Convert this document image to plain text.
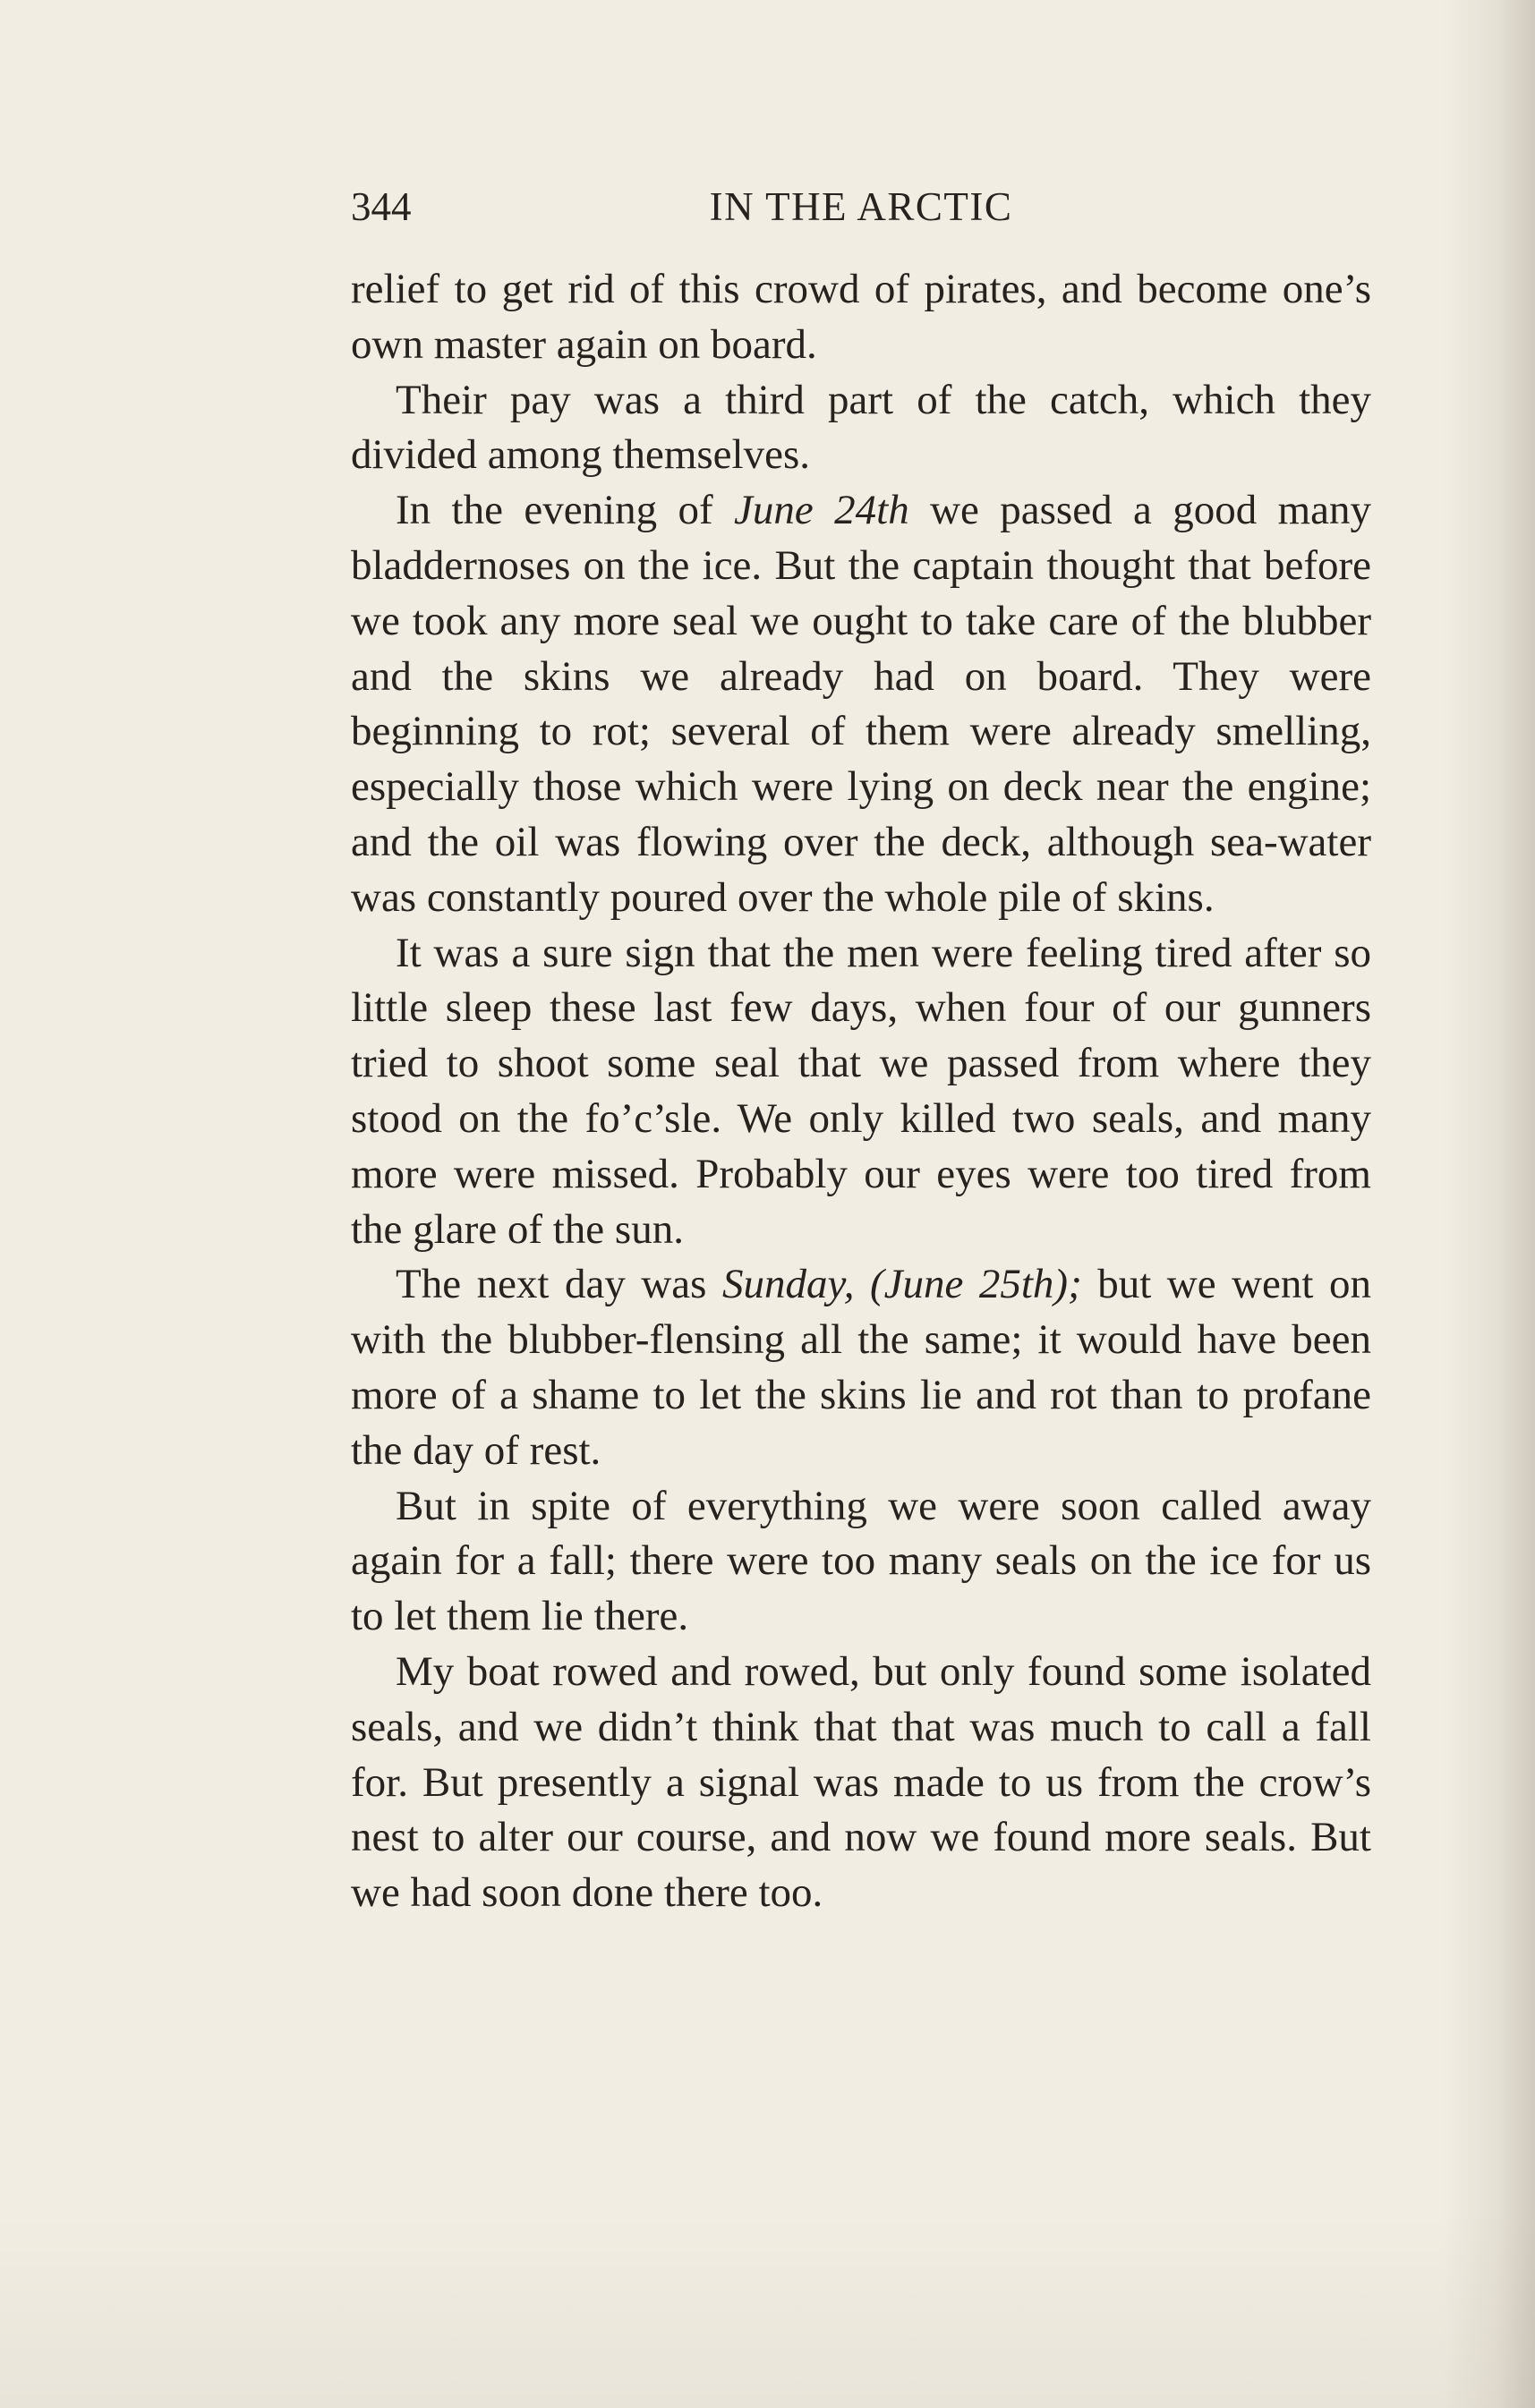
344	IN THE ARCTIC

relief to get rid of this crowd of pirates, and become one’s own master again on board.

Their pay was a third part of the catch, which they divided among themselves.

In the evening of June 24th we passed a good many bladdernoses on the ice. But the captain thought that before we took any more seal we ought to take care of the blubber and the skins we already had on board. They were beginning to rot; several of them were already smelling, especially those which were lying on deck near the engine; and the oil was flowing over the deck, although sea-water was constantly poured over the whole pile of skins.

It was a sure sign that the men were feeling tired after so little sleep these last few days, when four of our gunners tried to shoot some seal that we passed from where they stood on the fo’c’sle. We only killed two seals, and many more were missed. Probably our eyes were too tired from the glare of the sun.

The next day was Sunday, (June 25th); but we went on with the blubber-flensing all the same; it would have been more of a shame to let the skins lie and rot than to profane the day of rest.

But in spite of everything we were soon called away again for a fall; there were too many seals on the ice for us to let them lie there.

My boat rowed and rowed, but only found some isolated seals, and we didn’t think that that was much to call a fall for. But presently a signal was made to us from the crow’s nest to alter our course, and now we found more seals. But we had soon done there too.
